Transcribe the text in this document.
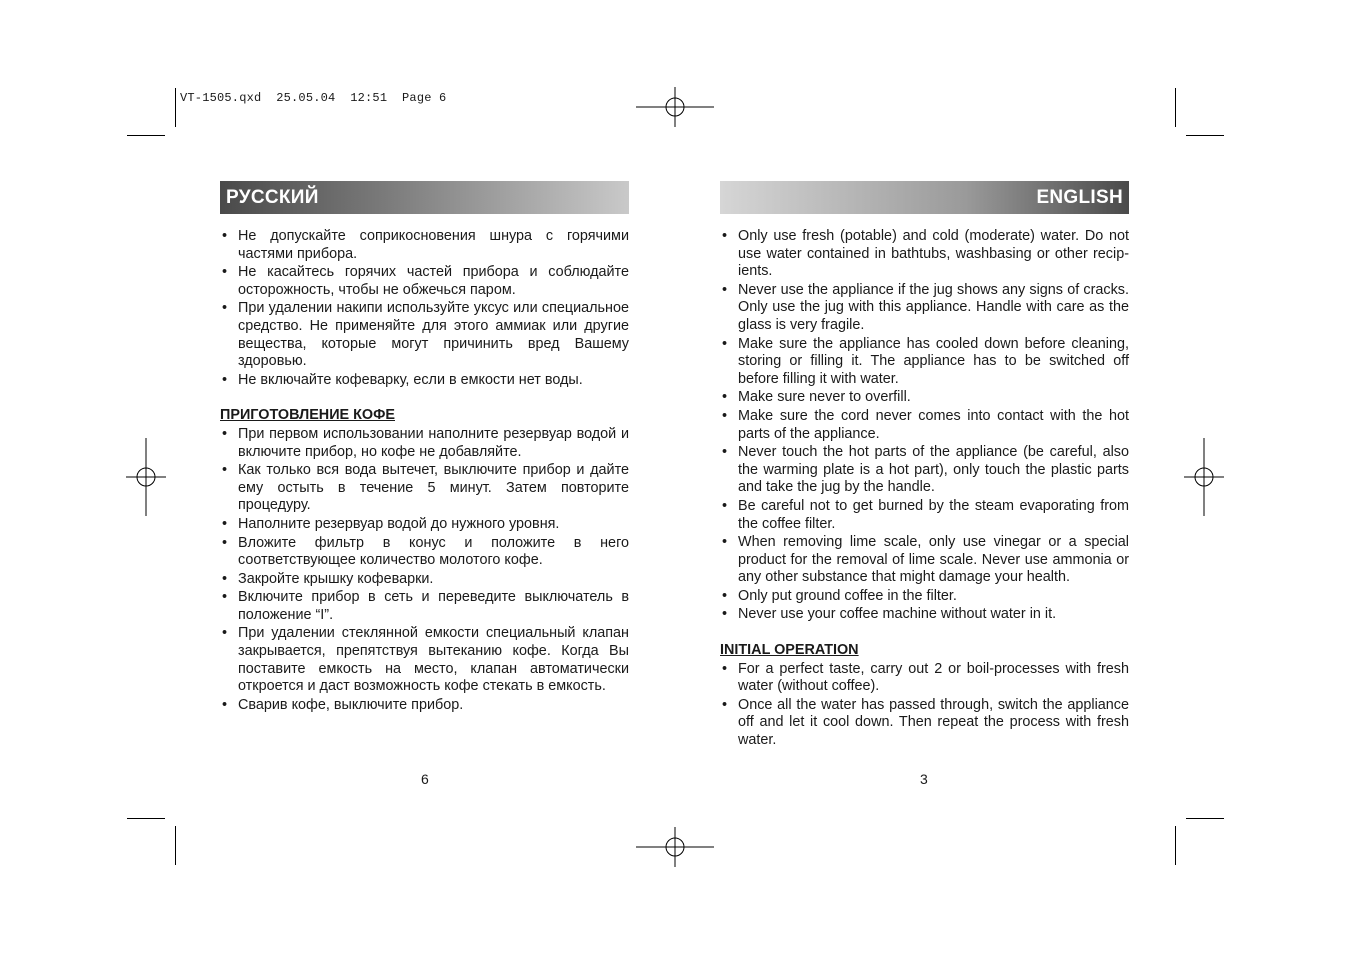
VT-1505.qxd  25.05.04  12:51  Page 6
РУССКИЙ
• Не допускайте соприкосновения шнура с горячими частями прибора.
• Не касайтесь горячих частей прибора и соблюдайте осторожность, чтобы не обжечься паром.
• При удалении накипи используйте уксус или специальное средство. Не применяйте для этого аммиак или другие вещества, которые могут причинить вред Вашему здоровью.
• Не включайте кофеварку, если в емкости нет воды.
ПРИГОТОВЛЕНИЕ КОФЕ
• При первом использовании наполните резервуар водой и включите прибор, но кофе не добавляйте.
• Как только вся вода вытечет, выключите прибор и дайте ему остыть в течение 5 минут. Затем повторите процедуру.
• Наполните резервуар водой до нужного уровня.
• Вложите фильтр в конус и положите в него соответствующее количество молотого кофе.
• Закройте крышку кофеварки.
• Включите прибор в сеть и переведите выключатель в положение “I”.
• При удалении стеклянной емкости специальный клапан закрывается, препятствуя вытеканию кофе. Когда Вы поставите емкость на место, клапан автоматически откроется и даст возможность кофе стекать в емкость.
• Сварив кофе, выключите прибор.
6
ENGLISH
• Only use fresh (potable) and cold (moderate) water. Do not use water contained in bathtubs, washbasing or other recipients.
• Never use the appliance if the jug shows any signs of cracks. Only use the jug with this appliance. Handle with care as the glass is very fragile.
• Make sure the appliance has cooled down before cleaning, storing or filling it. The appliance has to be switched off before filling it with water.
• Make sure never to overfill.
• Make sure the cord never comes into contact with the hot parts of the appliance.
• Never touch the hot parts of the appliance (be careful, also the warming plate is a hot part), only touch the plastic parts and take the jug by the handle.
• Be careful not to get burned by the steam evaporating from the coffee filter.
• When removing lime scale, only use vinegar or a special product for the removal of lime scale. Never use ammonia or any other substance that might damage your health.
• Only put ground coffee in the filter.
• Never use your coffee machine without water in it.
INITIAL OPERATION
• For a perfect taste, carry out 2 or boil-processes with fresh water (without coffee).
• Once all the water has passed through, switch the appliance off and let it cool down. Then repeat the process with fresh water.
3
